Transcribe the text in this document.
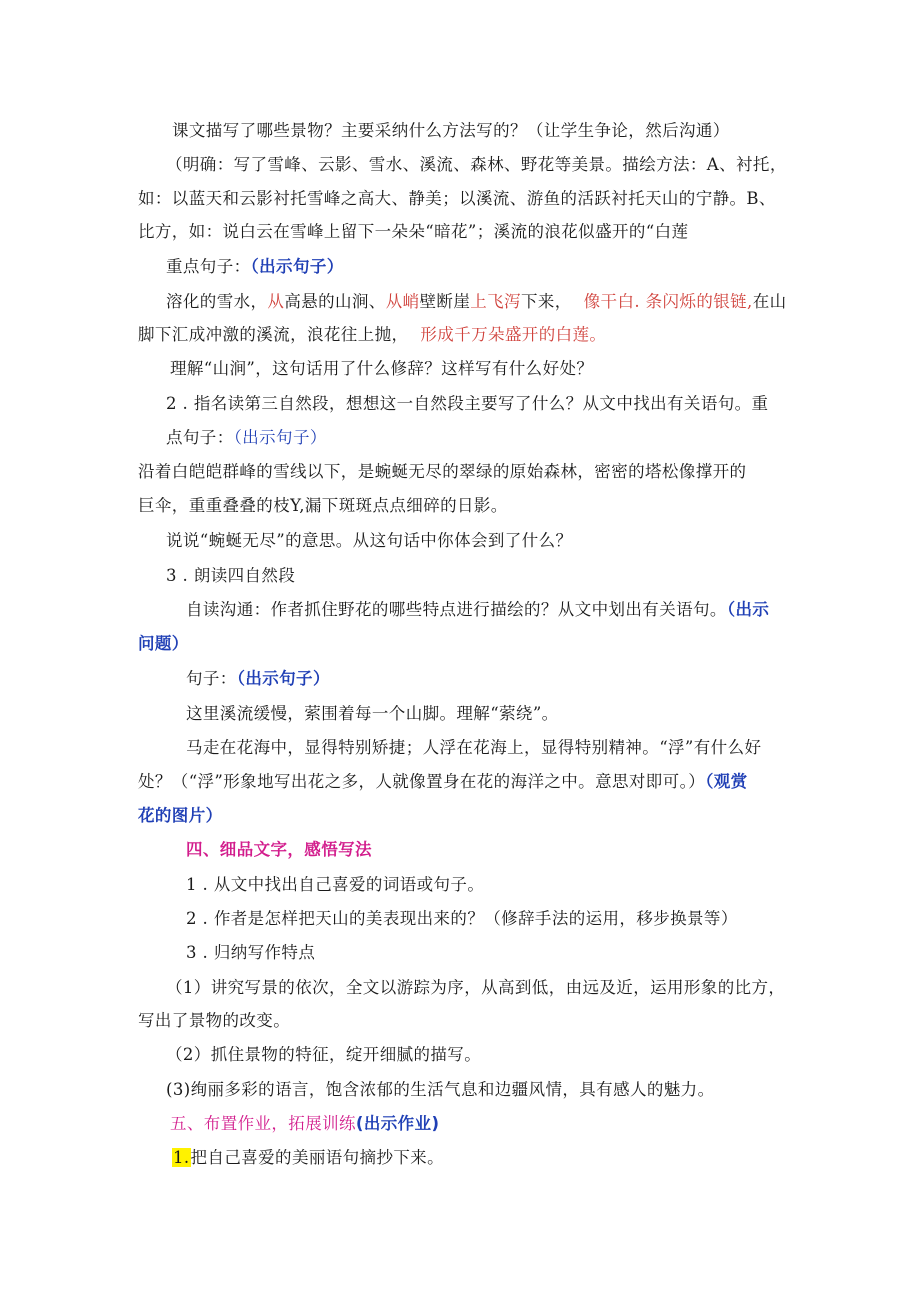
课文描写了哪些景物？主要采纳什么方法写的？（让学生争论，然后沟通）
（明确：写了雪峰、云影、雪水、溪流、森林、野花等美景。描绘方法：A、衬托，
如：以蓝天和云影衬托雪峰之高大、静美；以溪流、游鱼的活跃衬托天山的宁静。B、
比方，如：说白云在雪峰上留下一朵朵“暗花”；溪流的浪花似盛开的“白莲
重点句子：（出示句子）
溶化的雪水，从高悬的山涧、从峭壁断崖上飞泻下来， 像干白. 条闪烁的银链,在山
脚下汇成冲激的溪流，浪花往上抛， 形成千万朵盛开的白莲。
理解“山涧”，这句话用了什么修辞？这样写有什么好处？
2 . 指名读第三自然段，想想这一自然段主要写了什么？从文中找出有关语句。重
点句子：（出示句子）
沿着白皑皑群峰的雪线以下，是蜿蜒无尽的翠绿的原始森林，密密的塔松像撑开的
巨伞，重重叠叠的枝Y,漏下斑斑点点细碎的日影。
说说“蜿蜒无尽”的意思。从这句话中你体会到了什么？
3 . 朗读四自然段
自读沟通：作者抓住野花的哪些特点进行描绘的？从文中划出有关语句。（出示
问题）
句子：（出示句子）
这里溪流缓慢，萦围着每一个山脚。理解“萦绕”。
马走在花海中，显得特别矫捷；人浮在花海上，显得特别精神。“浮”有什么好
处？（“浮”形象地写出花之多，人就像置身在花的海洋之中。意思对即可。）（观赏
花的图片）
四、细品文字，感悟写法
1 . 从文中找出自己喜爱的词语或句子。
2 . 作者是怎样把天山的美表现出来的？（修辞手法的运用，移步换景等）
3 . 归纳写作特点
（1）讲究写景的依次，全文以游踪为序，从高到低，由远及近，运用形象的比方，
写出了景物的改变。
（2）抓住景物的特征，绽开细腻的描写。
(3)绚丽多彩的语言，饱含浓郁的生活气息和边疆风情，具有感人的魅力。
五、布置作业，拓展训练(出示作业)
1.把自己喜爱的美丽语句摘抄下来。
